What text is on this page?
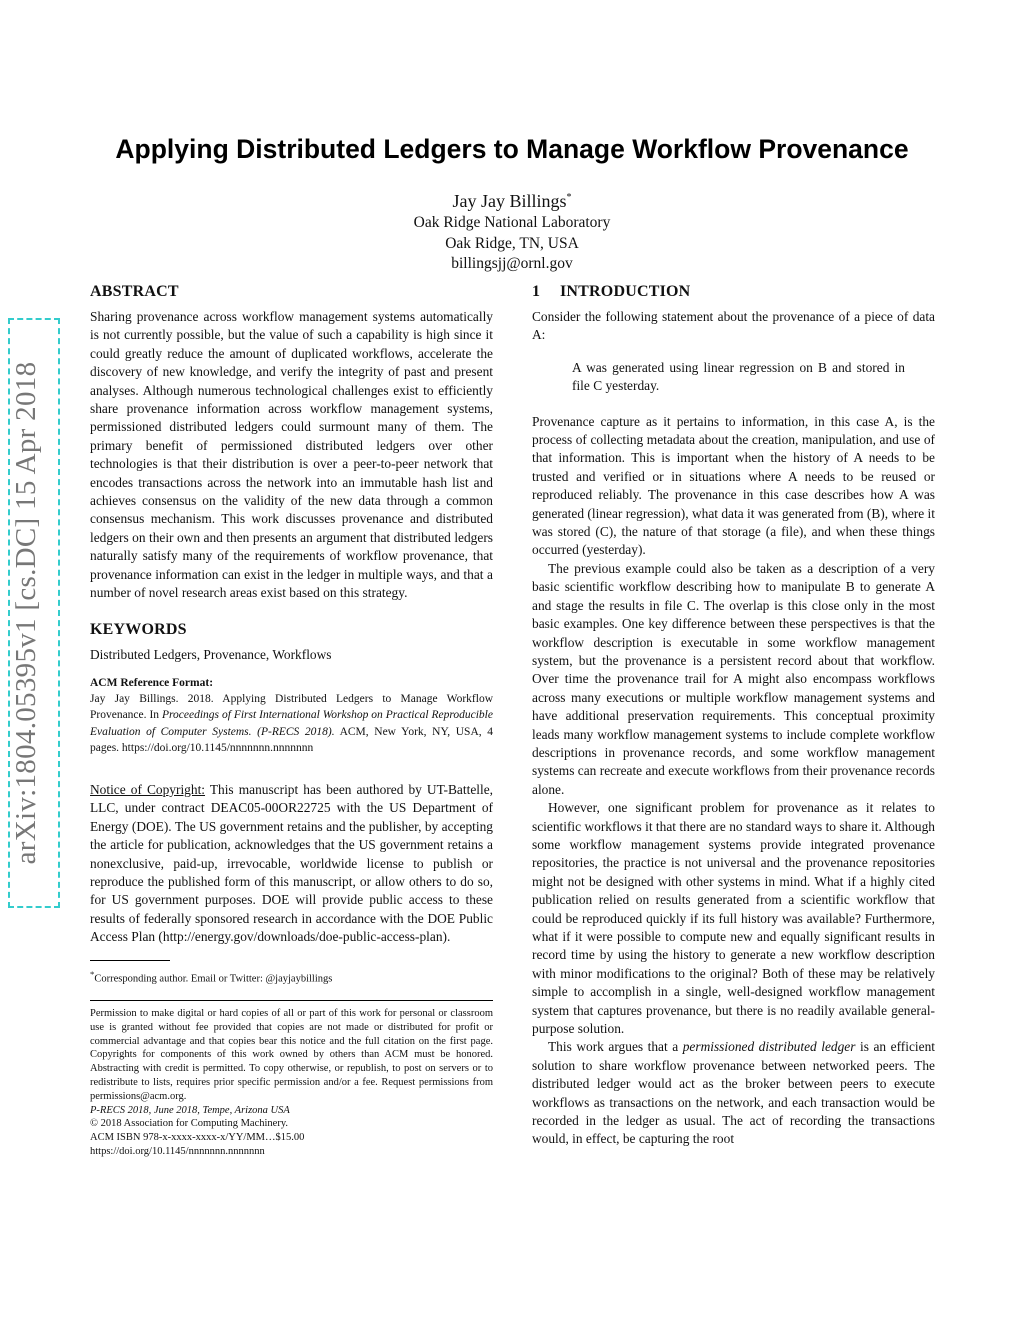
arXiv:1804.05395v1 [cs.DC] 15 Apr 2018
Applying Distributed Ledgers to Manage Workflow Provenance
Jay Jay Billings*
Oak Ridge National Laboratory
Oak Ridge, TN, USA
billingsjj@ornl.gov
ABSTRACT

Sharing provenance across workflow management systems automatically is not currently possible, but the value of such a capability is high since it could greatly reduce the amount of duplicated workflows, accelerate the discovery of new knowledge, and verify the integrity of past and present analyses. Although numerous technological challenges exist to efficiently share provenance information across workflow management systems, permissioned distributed ledgers could surmount many of them. The primary benefit of permissioned distributed ledgers over other technologies is that their distribution is over a peer-to-peer network that encodes transactions across the network into an immutable hash list and achieves consensus on the validity of the new data through a common consensus mechanism. This work discusses provenance and distributed ledgers on their own and then presents an argument that distributed ledgers naturally satisfy many of the requirements of workflow provenance, that provenance information can exist in the ledger in multiple ways, and that a number of novel research areas exist based on this strategy.

KEYWORDS

Distributed Ledgers, Provenance, Workflows

ACM Reference Format:

Jay Jay Billings. 2018. Applying Distributed Ledgers to Manage Workflow Provenance. In Proceedings of First International Workshop on Practical Reproducible Evaluation of Computer Systems. (P-RECS 2018). ACM, New York, NY, USA, 4 pages. https://doi.org/10.1145/nnnnnnn.nnnnnnn

Notice of Copyright: This manuscript has been authored by UT-Battelle, LLC, under contract DEAC05-00OR22725 with the US Department of Energy (DOE). The US government retains and the publisher, by accepting the article for publication, acknowledges that the US government retains a nonexclusive, paid-up, irrevocable, worldwide license to publish or reproduce the published form of this manuscript, or allow others to do so, for US government purposes. DOE will provide public access to these results of federally sponsored research in accordance with the DOE Public Access Plan (http://energy.gov/downloads/doe-public-access-plan).

*Corresponding author. Email or Twitter: @jayjaybillings

Permission to make digital or hard copies of all or part of this work for personal or classroom use is granted without fee provided that copies are not made or distributed for profit or commercial advantage and that copies bear this notice and the full citation on the first page. Copyrights for components of this work owned by others than ACM must be honored. Abstracting with credit is permitted. To copy otherwise, or republish, to post on servers or to redistribute to lists, requires prior specific permission and/or a fee. Request permissions from permissions@acm.org.

P-RECS 2018, June 2018, Tempe, Arizona USA

© 2018 Association for Computing Machinery.

ACM ISBN 978-x-xxxx-xxxx-x/YY/MM…$15.00

https://doi.org/10.1145/nnnnnnn.nnnnnnn

1 INTRODUCTION

Consider the following statement about the provenance of a piece of data A:

A was generated using linear regression on B and stored in file C yesterday.

Provenance capture as it pertains to information, in this case A, is the process of collecting metadata about the creation, manipulation, and use of that information. This is important when the history of A needs to be trusted and verified or in situations where A needs to be reused or reproduced reliably. The provenance in this case describes how A was generated (linear regression), what data it was generated from (B), where it was stored (C), the nature of that storage (a file), and when these things occurred (yesterday).

The previous example could also be taken as a description of a very basic scientific workflow describing how to manipulate B to generate A and stage the results in file C. The overlap is this close only in the most basic examples. One key difference between these perspectives is that the workflow description is executable in some workflow management system, but the provenance is a persistent record about that workflow. Over time the provenance trail for A might also encompass workflows across many executions or multiple workflow management systems and have additional preservation requirements. This conceptual proximity leads many workflow management systems to include complete workflow descriptions in provenance records, and some workflow management systems can recreate and execute workflows from their provenance records alone.

However, one significant problem for provenance as it relates to scientific workflows it that there are no standard ways to share it. Although some workflow management systems provide integrated provenance repositories, the practice is not universal and the provenance repositories might not be designed with other systems in mind. What if a highly cited publication relied on results generated from a scientific workflow that could be reproduced quickly if its full history was available? Furthermore, what if it were possible to compute new and equally significant results in record time by using the history to generate a new workflow description with minor modifications to the original? Both of these may be relatively simple to accomplish in a single, well-designed workflow management system that captures provenance, but there is no readily available general-purpose solution.

This work argues that a permissioned distributed ledger is an efficient solution to share workflow provenance between networked peers. The distributed ledger would act as the broker between peers to execute workflows as transactions on the network, and each transaction would be recorded in the ledger as usual. The act of recording the transactions would, in effect, be capturing the root
